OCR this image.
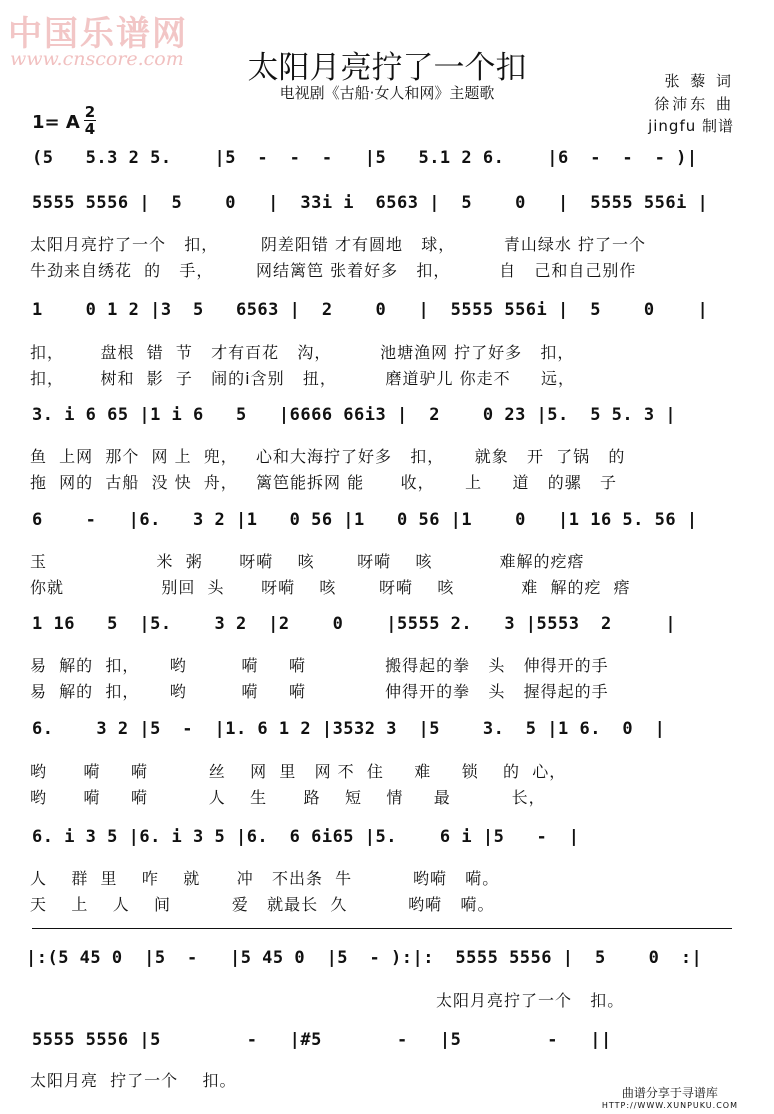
中国乐谱网
www.cnscore.com	太阳月亮拧了一个扣
电视剧《古船·女人和网》主题歌
张 藜 词
徐沛东 曲
jingfu 制谱
1= A 2
4
(5   5.3 2 5.    |5  -  -  -   |5   5.1 2 6.    |6  -  -  - )|
5555 5556 |  5    0   |  33i i  6563 |  5    0   |  5555 556i |

太阳月亮拧了一个   扣，       阴差阳错 才有圆地   球，        青山绿水 拧了一个

牛劲来自绣花  的   手，       网结篱笆 张着好多   扣，        自   己和自己别作

1    0 1 2 |3  5   6563 |  2    0   |  5555 556i |  5    0    |

扣，      盘根  错  节   才有百花   沟，        池塘渔网 拧了好多   扣，

扣，      树和  影  子   闹的i含别   扭，        磨道驴儿 你走不     远，

3. i 6 65 |1 i 6   5   |6666 66i3 |  2    0 23 |5.  5 5. 3 |

鱼  上网  那个  网 上  兜，   心和大海拧了好多   扣，     就象   开  了锅   的

拖  网的  古船  没 快  舟，   篱笆能拆网 能      收，     上     道   的骡   子

6    -   |6.   3 2 |1   0 56 |1   0 56 |1    0   |1 16 5. 56 |

玉                  米  粥      呀嗬    咳       呀嗬    咳           难解的疙瘩

你就                别回  头      呀嗬    咳       呀嗬    咳           难  解的疙  瘩

1 16   5  |5.    3 2  |2    0    |5555 2.   3 |5553  2     |

易  解的  扣，     哟         嗬     嗬             搬得起的拳   头   伸得开的手

易  解的  扣，     哟         嗬     嗬             伸得开的拳   头   握得起的手

6.    3 2 |5  -  |1. 6 1 2 |3532 3  |5    3.  5 |1 6.  0  |

哟      嗬     嗬          丝    网  里   网 不  住     难     锁    的  心，

哟      嗬     嗬          人    生      路    短    情     最          长，

6. i 3 5 |6. i 3 5 |6.  6 6i65 |5.    6 i |5   -  |

人    群  里    咋    就      冲   不出条  牛          哟嗬   嗬。

天    上    人    间          爱   就最长  久          哟嗬   嗬。

|:(5 45 0  |5  -   |5 45 0  |5  - ):|:  5555 5556 |  5    0  :|

太阳月亮拧了一个   扣。

5555 5556 |5        -   |#5       -   |5        -   ||

太阳月亮  拧了一个    扣。

曲谱分享于寻谱库
HTTP://WWW.XUNPUKU.COM
